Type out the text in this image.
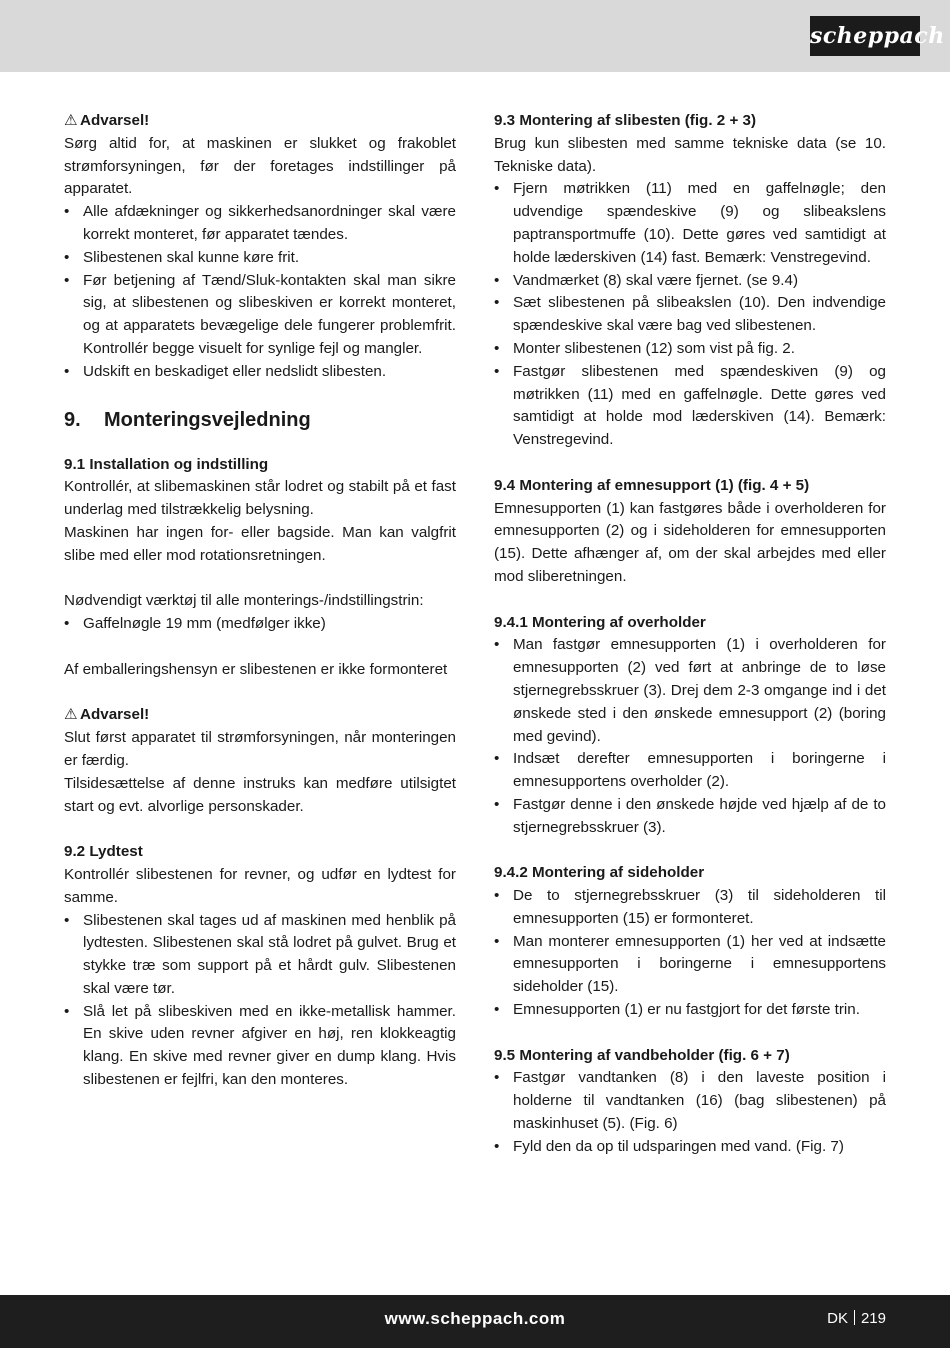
scheppach
⚠ Advarsel!

Sørg altid for, at maskinen er slukket og frakoblet strømforsyningen, før der foretages indstillinger på apparatet.

• Alle afdækninger og sikkerhedsanordninger skal være korrekt monteret, før apparatet tændes.
• Slibestenen skal kunne køre frit.
• Før betjening af Tænd/Sluk-kontakten skal man sikre sig, at slibestenen og slibeskiven er korrekt monteret, og at apparatets bevægelige dele fungerer problemfrit. Kontrollér begge visuelt for synlige fejl og mangler.
• Udskift en beskadiget eller nedslidt slibesten.
9. Monteringsvejledning
9.1 Installation og indstilling

Kontrollér, at slibemaskinen står lodret og stabilt på et fast underlag med tilstrækkelig belysning.

Maskinen har ingen for- eller bagside. Man kan valgfrit slibe med eller mod rotationsretningen.

Nødvendigt værktøj til alle monterings-/indstillingstrin:

• Gaffelnøgle 19 mm (medfølger ikke)

Af emballeringshensyn er slibestenen er ikke formonteret

⚠ Advarsel!

Slut først apparatet til strømforsyningen, når monteringen er færdig.

Tilsidesættelse af denne instruks kan medføre utilsigtet start og evt. alvorlige personskader.

9.2 Lydtest

Kontrollér slibestenen for revner, og udfør en lydtest for samme.

• Slibestenen skal tages ud af maskinen med henblik på lydtesten. Slibestenen skal stå lodret på gulvet. Brug et stykke træ som support på et hårdt gulv. Slibestenen skal være tør.
• Slå let på slibeskiven med en ikke-metallisk hammer. En skive uden revner afgiver en høj, ren klokkeagtig klang. En skive med revner giver en dump klang. Hvis slibestenen er fejlfri, kan den monteres.
9.3 Montering af slibesten (fig. 2 + 3)

Brug kun slibesten med samme tekniske data (se 10. Tekniske data).

• Fjern møtrikken (11) med en gaffelnøgle; den udvendige spændeskive (9) og slibeakslens paptransportmuffe (10). Dette gøres ved samtidigt at holde læderskiven (14) fast. Bemærk: Venstregevind.
• Vandmærket (8) skal være fjernet. (se 9.4)
• Sæt slibestenen på slibeakslen (10). Den indvendige spændeskive skal være bag ved slibestenen.
• Monter slibestenen (12) som vist på fig. 2.
• Fastgør slibestenen med spændeskiven (9) og møtrikken (11) med en gaffelnøgle. Dette gøres ved samtidigt at holde mod læderskiven (14). Bemærk: Venstregevind.
9.4 Montering af emnesupport (1) (fig. 4 + 5)

Emnesupporten (1) kan fastgøres både i overholderen for emnesupporten (2) og i sideholderen for emnesupporten (15). Dette afhænger af, om der skal arbejdes med eller mod sliberetningen.

9.4.1 Montering af overholder
• Man fastgør emnesupporten (1) i overholderen for emnesupporten (2) ved ført at anbringe de to løse stjernegrebsskruer (3). Drej dem 2-3 omgange ind i det ønskede sted i den ønskede emnesupport (2) (boring med gevind).
• Indsæt derefter emnesupporten i boringerne i emnesupportens overholder (2).
• Fastgør denne i den ønskede højde ved hjælp af de to stjernegrebsskruer (3).
9.4.2 Montering af sideholder
• De to stjernegrebsskruer (3) til sideholderen til emnesupporten (15) er formonteret.
• Man monterer emnesupporten (1) her ved at indsætte emnesupporten i boringerne i emnesupportens sideholder (15).
• Emnesupporten (1) er nu fastgjort for det første trin.
9.5 Montering af vandbeholder (fig. 6 + 7)
• Fastgør vandtanken (8) i den laveste position i holderne til vandtanken (16) (bag slibestenen) på maskinhuset (5). (Fig. 6)
• Fyld den da op til udsparingen med vand. (Fig. 7)
www.scheppach.com	DK 219
